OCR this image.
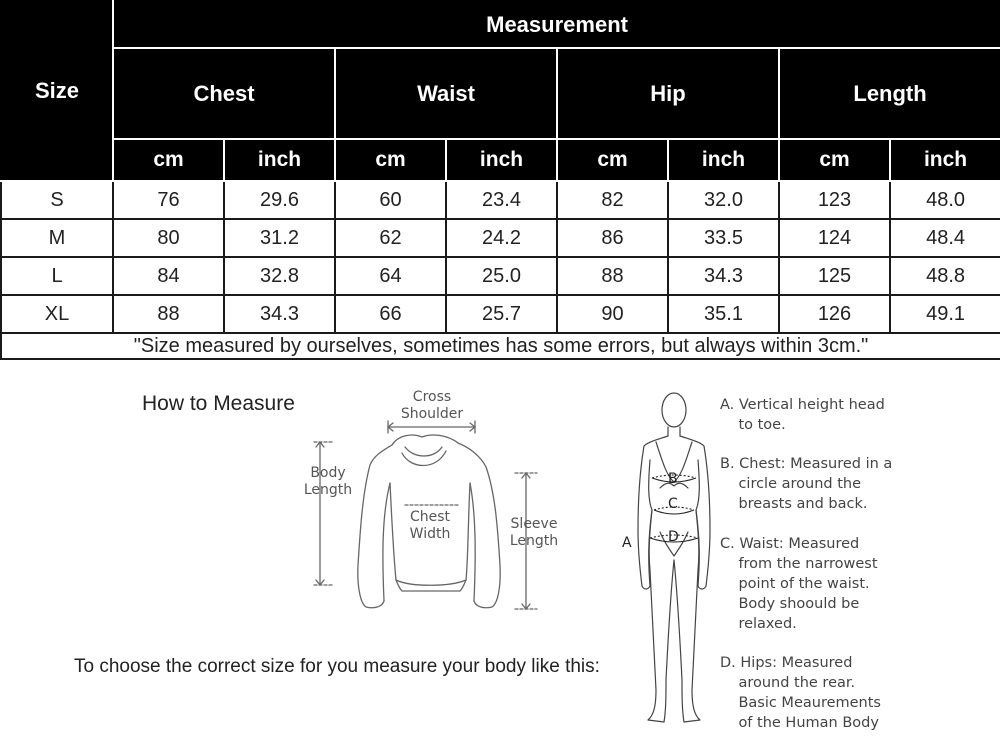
Size	Measurement							
	Chest		Waist		Hip		Length	
	cm	inch	cm	inch	cm	inch	cm	inch
S	76	29.6	60	23.4	82	32.0	123	48.0
M	80	31.2	62	24.2	86	33.5	124	48.4
L	84	32.8	64	25.0	88	34.3	125	48.8
XL	88	34.3	66	25.7	90	35.1	126	49.1
"Size measured by ourselves, sometimes has some errors, but always within 3cm."								
How to Measure
To choose the correct size for you measure your body like this:
Cross
Shoulder
Body
Length
Chest
Width
Sleeve
Length	A
B
C
D
A. Vertical height head
to toe.
B. Chest: Measured in a
circle around the
breasts and back.
C. Waist: Measured
from the narrowest
point of the waist.
Body shoould be
relaxed.
D. Hips: Measured
around the rear.
Basic Meaurements
of the Human Body
